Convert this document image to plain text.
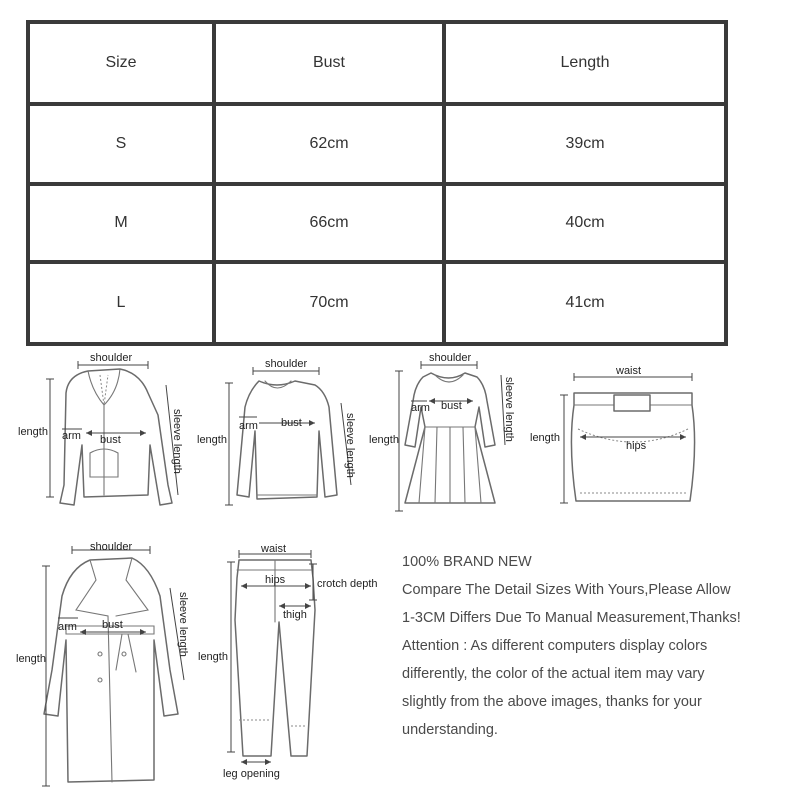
Size	Bust	Length
S	62cm	39cm
M	66cm	40cm
L	70cm	41cm
shoulder
length arm bust	sleeve length
shoulder
length
arm bust	sleeve length
shoulder
length
arm bust	sleeve length
waist
length
hips
shoulder
length
arm bust	sleeve length
waist
hips	crotch depth
thigh
length
leg opening
100% BRAND NEW
Compare The Detail Sizes With Yours,Please Allow
1-3CM Differs Due To Manual Measurement,Thanks!
Attention : As different computers display colors
differently, the color of the actual item may vary
slightly from the above images, thanks for your
understanding.
